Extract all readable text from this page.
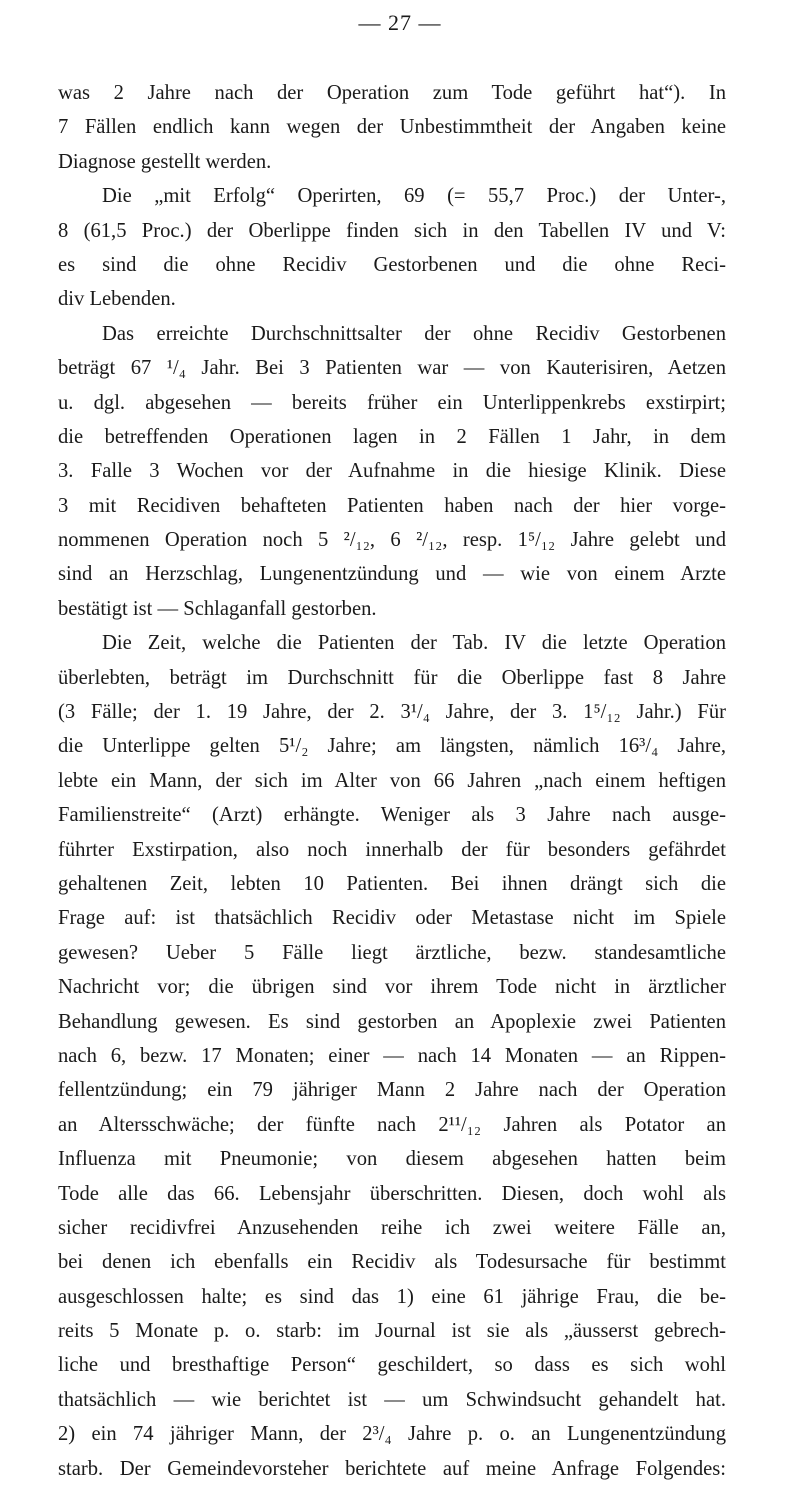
— 27 —
was 2 Jahre nach der Operation zum Tode geführt hat“). In
7 Fällen endlich kann wegen der Unbestimmtheit der Angaben keine
Diagnose gestellt werden.
Die „mit Erfolg“ Operirten, 69 (= 55,7 Proc.) der Unter-,
8 (61,5 Proc.) der Oberlippe finden sich in den Tabellen IV und V:
es sind die ohne Recidiv Gestorbenen und die ohne Reci-
div Lebenden.
Das erreichte Durchschnittsalter der ohne Recidiv Gestorbenen
beträgt 67 ¹/₄ Jahr. Bei 3 Patienten war — von Kauterisiren, Aetzen
u. dgl. abgesehen — bereits früher ein Unterlippenkrebs exstirpirt;
die betreffenden Operationen lagen in 2 Fällen 1 Jahr, in dem
3. Falle 3 Wochen vor der Aufnahme in die hiesige Klinik. Diese
3 mit Recidiven behafteten Patienten haben nach der hier vorge-
nommenen Operation noch 5 ²/₁₂, 6 ²/₁₂, resp. 1⁵/₁₂ Jahre gelebt und
sind an Herzschlag, Lungenentzündung und — wie von einem Arzte
bestätigt ist — Schlaganfall gestorben.
Die Zeit, welche die Patienten der Tab. IV die letzte Operation
überlebten, beträgt im Durchschnitt für die Oberlippe fast 8 Jahre
(3 Fälle; der 1. 19 Jahre, der 2. 3¹/₄ Jahre, der 3. 1⁵/₁₂ Jahr.) Für
die Unterlippe gelten 5¹/₂ Jahre; am längsten, nämlich 16³/₄ Jahre,
lebte ein Mann, der sich im Alter von 66 Jahren „nach einem heftigen
Familienstreite“ (Arzt) erhängte. Weniger als 3 Jahre nach ausge-
führter Exstirpation, also noch innerhalb der für besonders gefährdet
gehaltenen Zeit, lebten 10 Patienten. Bei ihnen drängt sich die
Frage auf: ist thatsächlich Recidiv oder Metastase nicht im Spiele
gewesen? Ueber 5 Fälle liegt ärztliche, bezw. standesamtliche
Nachricht vor; die übrigen sind vor ihrem Tode nicht in ärztlicher
Behandlung gewesen. Es sind gestorben an Apoplexie zwei Patienten
nach 6, bezw. 17 Monaten; einer — nach 14 Monaten — an Rippen-
fellentzündung; ein 79 jähriger Mann 2 Jahre nach der Operation
an Altersschwäche; der fünfte nach 2¹¹/₁₂ Jahren als Potator an
Influenza mit Pneumonie; von diesem abgesehen hatten beim
Tode alle das 66. Lebensjahr überschritten. Diesen, doch wohl als
sicher recidivfrei Anzusehenden reihe ich zwei weitere Fälle an,
bei denen ich ebenfalls ein Recidiv als Todesursache für bestimmt
ausgeschlossen halte; es sind das 1) eine 61 jährige Frau, die be-
reits 5 Monate p. o. starb: im Journal ist sie als „äusserst gebrech-
liche und bresthaftige Person“ geschildert, so dass es sich wohl
thatsächlich — wie berichtet ist — um Schwindsucht gehandelt hat.
2) ein 74 jähriger Mann, der 2³/₄ Jahre p. o. an Lungenentzündung
starb. Der Gemeindevorsteher berichtete auf meine Anfrage Folgendes:
